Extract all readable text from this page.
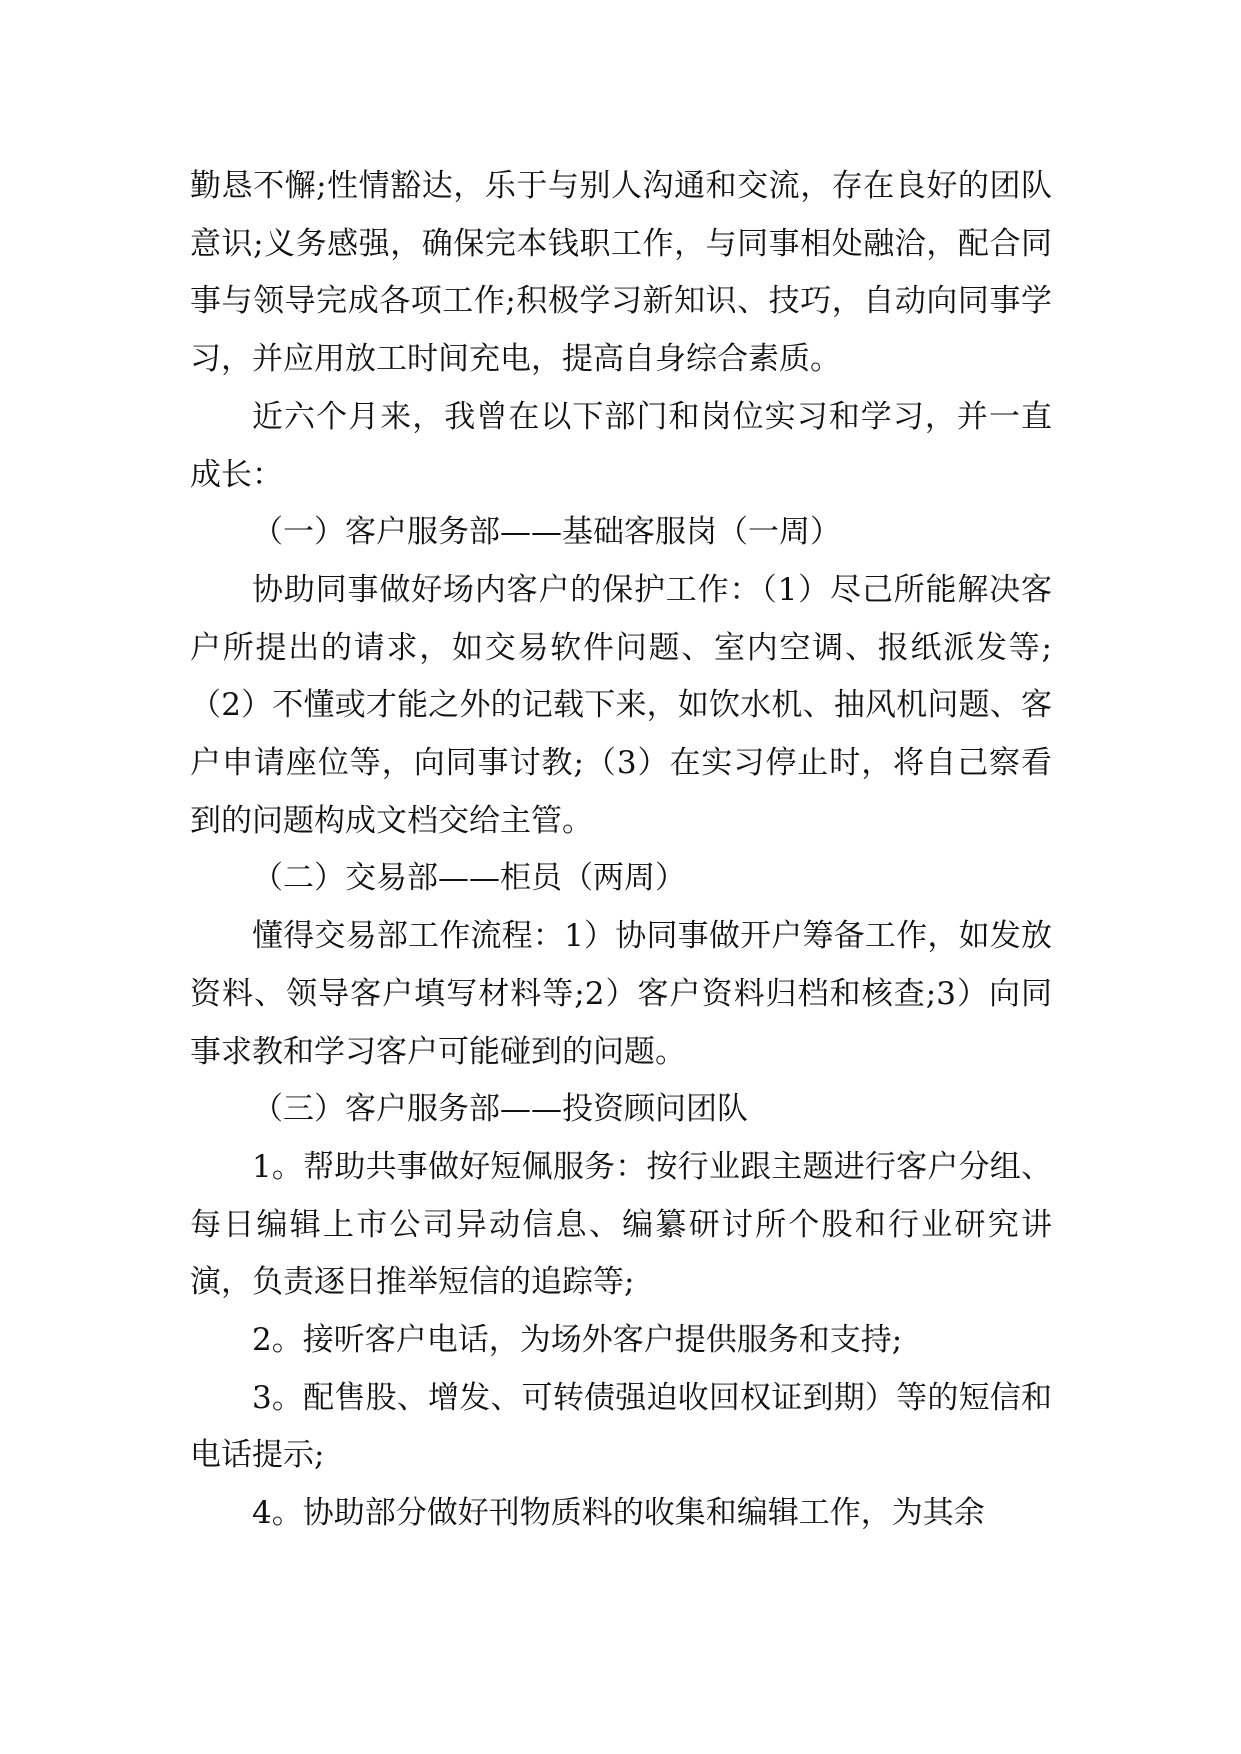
勤恳不懈;性情豁达，乐于与别人沟通和交流，存在良好的团队意识;义务感强，确保完本钱职工作，与同事相处融洽，配合同事与领导完成各项工作;积极学习新知识、技巧，自动向同事学习，并应用放工时间充电，提高自身综合素质。

近六个月来，我曾在以下部门和岗位实习和学习，并一直成长：

（一）客户服务部——基础客服岗（一周）

协助同事做好场内客户的保护工作：（1）尽己所能解决客户所提出的请求，如交易软件问题、室内空调、报纸派发等;（2）不懂或才能之外的记载下来，如饮水机、抽风机问题、客户申请座位等，向同事讨教;（3）在实习停止时，将自己察看到的问题构成文档交给主管。

（二）交易部——柜员（两周）

懂得交易部工作流程：1）协同事做开户筹备工作，如发放资料、领导客户填写材料等;2）客户资料归档和核查;3）向同事求教和学习客户可能碰到的问题。

（三）客户服务部——投资顾问团队

1。帮助共事做好短佩服务：按行业跟主题进行客户分组、每日编辑上市公司异动信息、编纂研讨所个股和行业研究讲演，负责逐日推举短信的追踪等;

2。接听客户电话，为场外客户提供服务和支持;

3。配售股、增发、可转债强迫收回权证到期）等的短信和电话提示;

4。协助部分做好刊物质料的收集和编辑工作，为其余
